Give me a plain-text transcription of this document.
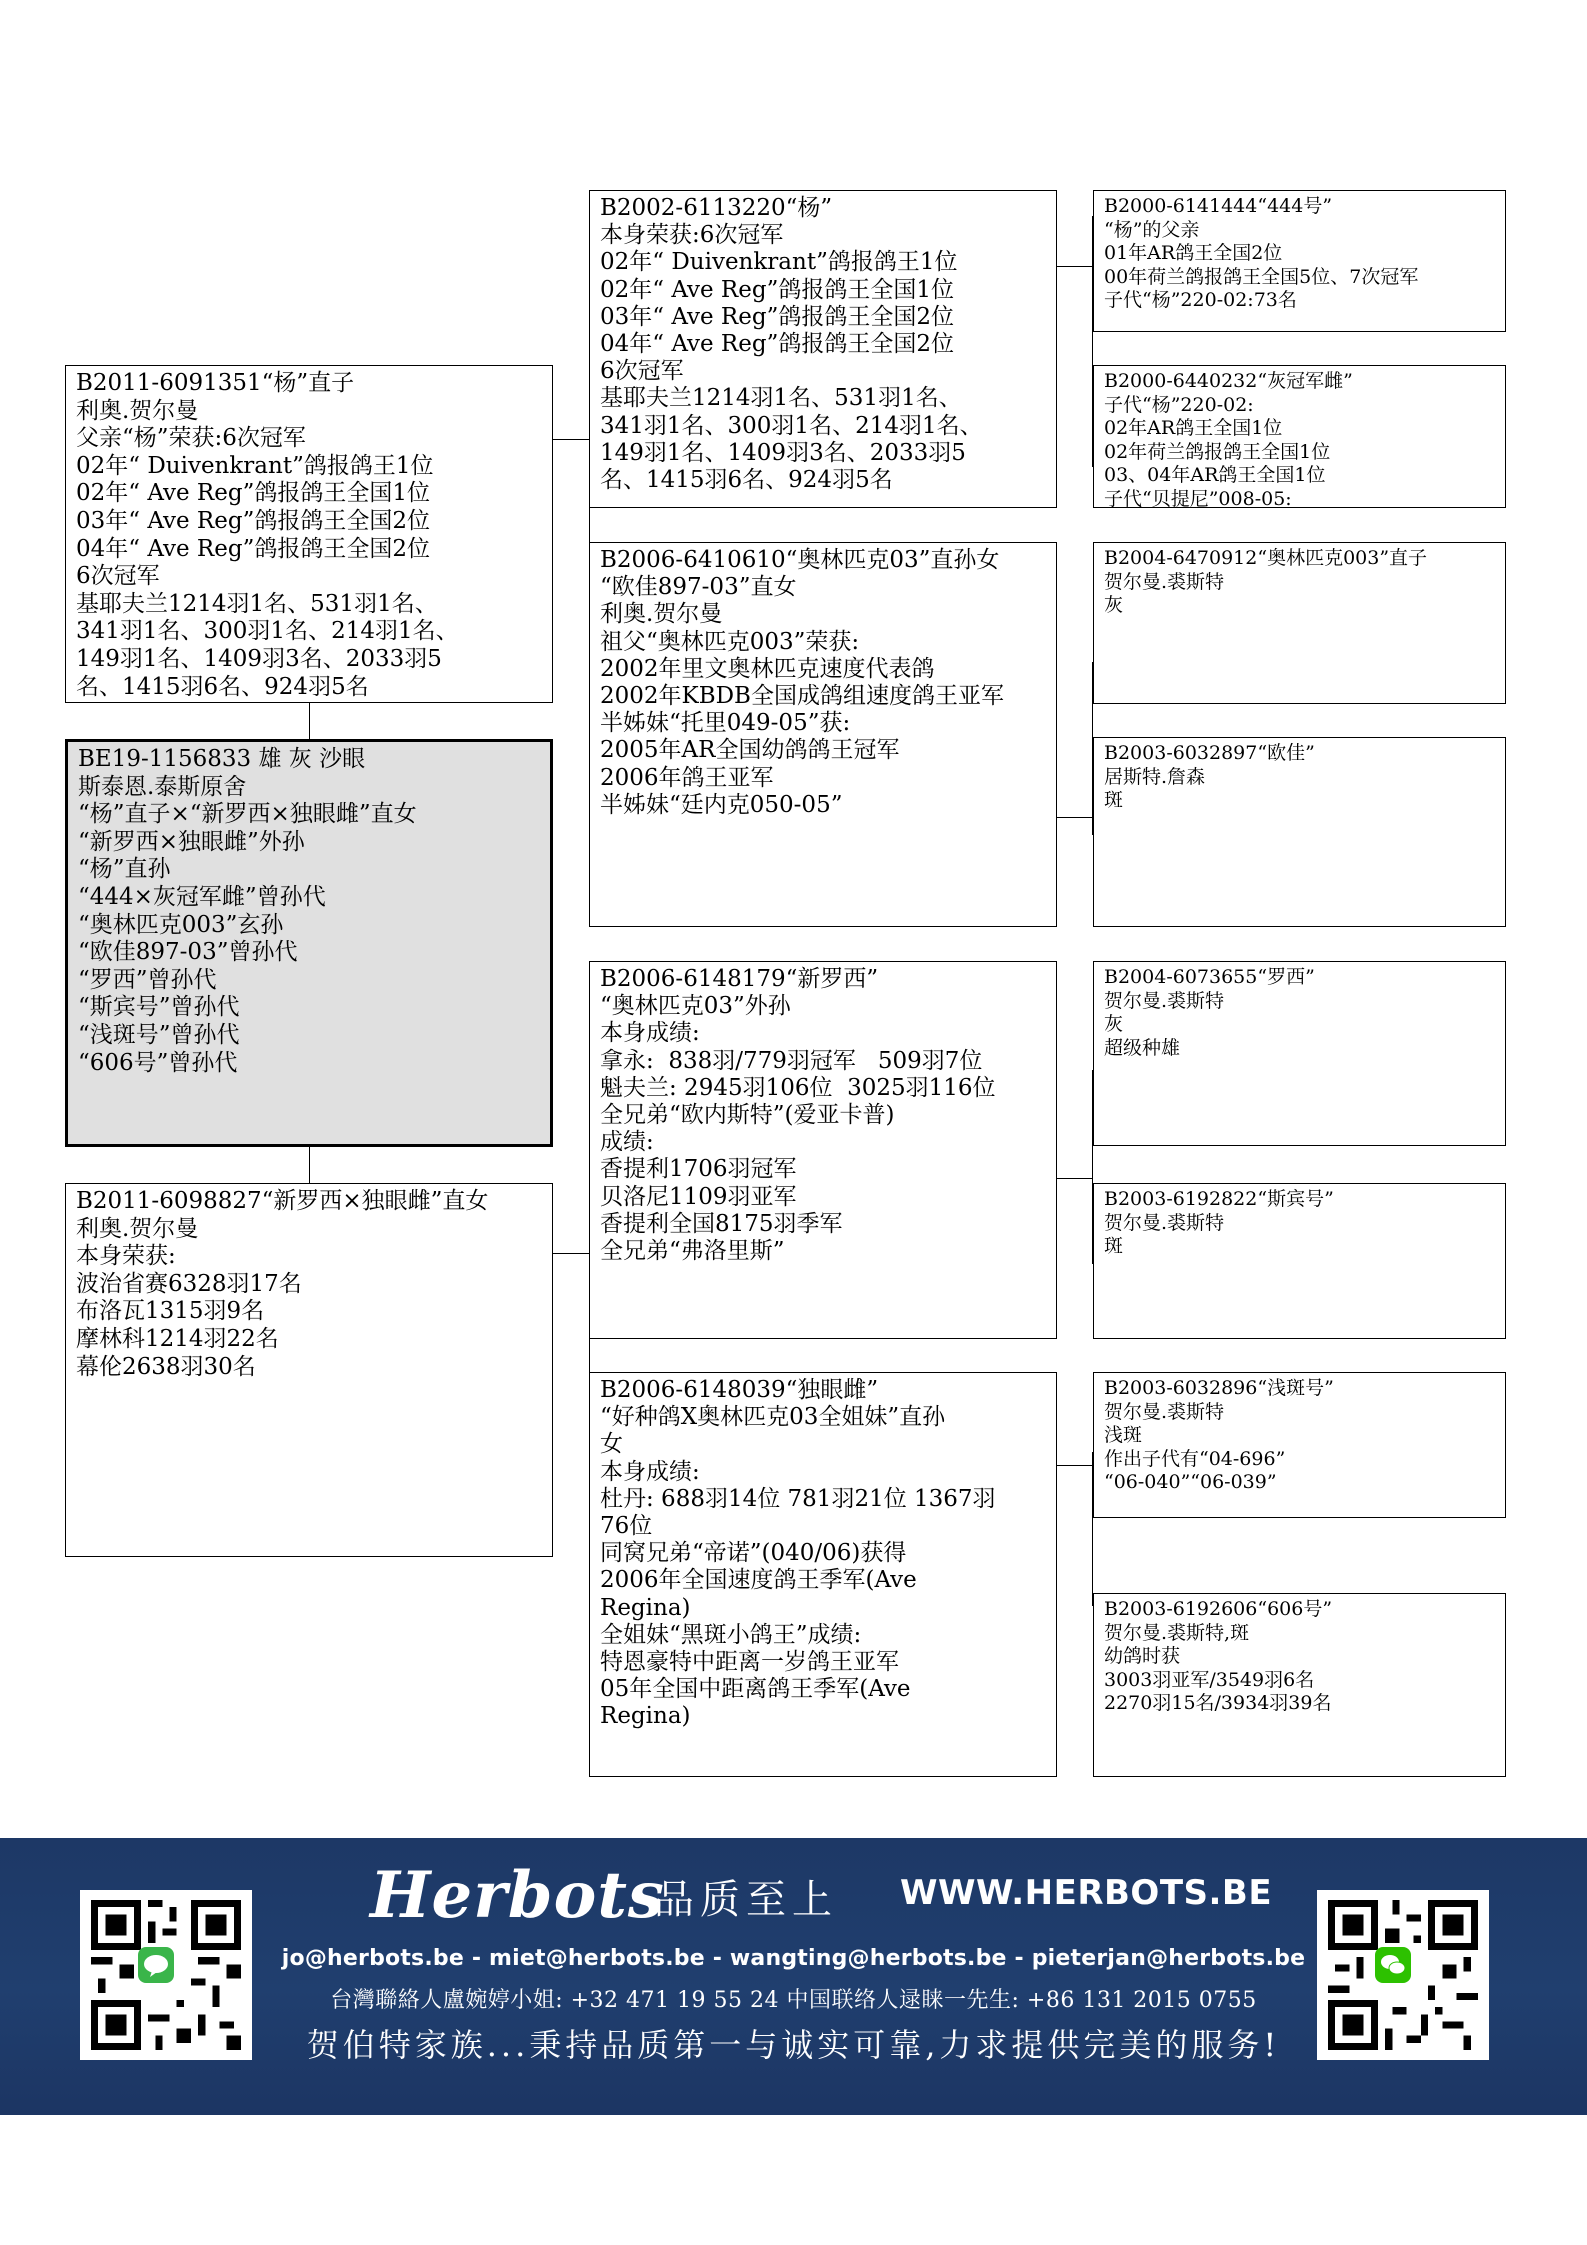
B2011-6091351“杨”直子
利奥.贺尔曼
父亲“杨”荣获:6次冠军
02年“ Duivenkrant”鸽报鸽王1位
02年“ Ave Reg”鸽报鸽王全国1位
03年“ Ave Reg”鸽报鸽王全国2位
04年“ Ave Reg”鸽报鸽王全国2位
6次冠军
基耶夫兰1214羽1名、531羽1名、
341羽1名、300羽1名、214羽1名、
149羽1名、1409羽3名、2033羽5
名、1415羽6名、924羽5名
BE19-1156833 雄 灰 沙眼
斯泰恩.泰斯原舍
“杨”直子×“新罗西×独眼雌”直女
“新罗西×独眼雌”外孙
“杨”直孙
“444×灰冠军雌”曾孙代
“奥林匹克003”玄孙
“欧佳897-03”曾孙代
“罗西”曾孙代
“斯宾号”曾孙代
“浅斑号”曾孙代
“606号”曾孙代
B2011-6098827“新罗西×独眼雌”直女
利奥.贺尔曼
本身荣获:
波治省赛6328羽17名
布洛瓦1315羽9名
摩林科1214羽22名
幕伦2638羽30名
B2002-6113220“杨”
本身荣获:6次冠军
02年“ Duivenkrant”鸽报鸽王1位
02年“ Ave Reg”鸽报鸽王全国1位
03年“ Ave Reg”鸽报鸽王全国2位
04年“ Ave Reg”鸽报鸽王全国2位
6次冠军
基耶夫兰1214羽1名、531羽1名、
341羽1名、300羽1名、214羽1名、
149羽1名、1409羽3名、2033羽5
名、1415羽6名、924羽5名
B2006-6410610“奥林匹克03”直孙女
“欧佳897-03”直女
利奥.贺尔曼
祖父“奥林匹克003”荣获:
2002年里文奥林匹克速度代表鸽
2002年KBDB全国成鸽组速度鸽王亚军
半姊妹“托里049-05”获:
2005年AR全国幼鸽鸽王冠军
2006年鸽王亚军
半姊妹“廷内克050-05”
B2006-6148179“新罗西”
“奥林匹克03”外孙
本身成绩:
拿永:  838羽/779羽冠军   509羽7位
魁夫兰: 2945羽106位  3025羽116位
全兄弟“欧内斯特”(爱亚卡普)
成绩:
香提利1706羽冠军
贝洛尼1109羽亚军
香提利全国8175羽季军
全兄弟“弗洛里斯”
B2006-6148039“独眼雌”
“好种鸽X奥林匹克03全姐妹”直孙
女
本身成绩:
杜丹: 688羽14位 781羽21位 1367羽
76位
同窝兄弟“帝诺”(040/06)获得
2006年全国速度鸽王季军(Ave
Regina)
全姐妹“黑斑小鸽王”成绩:
特恩豪特中距离一岁鸽王亚军
05年全国中距离鸽王季军(Ave
Regina)
B2000-6141444“444号”
“杨”的父亲
01年AR鸽王全国2位
00年荷兰鸽报鸽王全国5位、7次冠军
子代“杨”220-02:73名
B2000-6440232“灰冠军雌”
子代“杨”220-02:
02年AR鸽王全国1位
02年荷兰鸽报鸽王全国1位
03、04年AR鸽王全国1位
子代“贝提尼”008-05:
B2004-6470912“奥林匹克003”直子
贺尔曼.裘斯特
灰
B2003-6032897“欧佳”
居斯特.詹森
斑
B2004-6073655“罗西”
贺尔曼.裘斯特
灰
超级种雄
B2003-6192822“斯宾号”
贺尔曼.裘斯特
斑
B2003-6032896“浅斑号”
贺尔曼.裘斯特
浅斑
作出子代有“04-696”
“06-040”“06-039”
B2003-6192606“606号”
贺尔曼.裘斯特,斑
幼鸽时获
3003羽亚军/3549羽6名
2270羽15名/3934羽39名
Herbots
品质至上 WWW.HERBOTS.BE
jo@herbots.be - miet@herbots.be - wangting@herbots.be - pieterjan@herbots.be
台灣聯絡人盧婉婷小姐: +32 471 19 55 24 中国联络人逯睐一先生: +86 131 2015 0755
贺伯特家族...秉持品质第一与诚实可靠,力求提供完美的服务!
